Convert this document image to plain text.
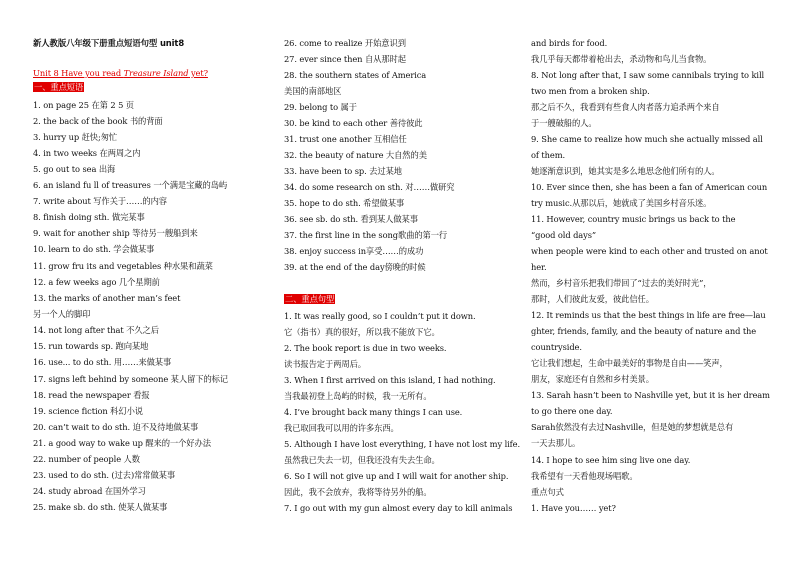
新人教版八年级下册重点短语句型 unit8
Unit 8 Have you read Treasure Island yet?
一、重点短语
1. on page 25 在第 2 5 页
2. the back of the book 书的背面
3. hurry up 赶快;匆忙
4. in two weeks 在两周之内
5. go out to sea 出海
6. an island fu ll of treasures 一个满是宝藏的岛屿
7. write about 写作关于……的内容
8. finish doing sth. 做完某事
9. wait for another ship 等待另一艘船到来
10. learn to do sth. 学会做某事
11. grow fru its and vegetables 种水果和蔬菜
12. a few weeks ago 几个星期前
13. the marks of another man’s feet
另一个人的脚印
14. not long after that 不久之后
15. run towards sp. 跑向某地
16. use... to do sth. 用……来做某事
17. signs left behind by someone 某人留下的标记
18. read the newspaper 看报
19. science fiction 科幻小说
20. can’t wait to do sth. 迫不及待地做某事
21. a good way to wake up 醒来的一个好办法
22. number of people 人数
23. used to do sth. (过去)常常做某事
24. study abroad 在国外学习
25. make sb. do sth. 使某人做某事
26. come to realize 开始意识到
27. ever since then 自从那时起
28. the southern states of America
美国的南部地区
29. belong to 属于
30. be kind to each other 善待彼此
31. trust one another 互相信任
32. the beauty of nature 大自然的美
33. have been to sp. 去过某地
34. do some research on sth. 对……做研究
35. hope to do sth. 希望做某事
36. see sb. do sth. 看到某人做某事
37. the first line in the song歌曲的第一行
38. enjoy success in享受……的成功
39. at the end of the day傍晚的时候
二、重点句型
1. It was really good, so I couldn’t put it down.
它（指书）真的很好，所以我不能放下它。
2. The book report is due in two weeks.
读书报告定于两周后。
3. When I first arrived on this island, I had nothing.
当我最初登上岛屿的时候，我一无所有。
4. I’ve brought back many things I can use.
我已取回我可以用的许多东西。
5. Although I have lost everything, I have not lost my life.
虽然我已失去一切，但我还没有失去生命。
6. So I will not give up and I will wait for another ship.
因此，我不会放弃，我将等待另外的船。
7. I go out with my gun almost every day to kill animals
and birds for food.
我几乎每天都带着枪出去，杀动物和鸟儿当食物。
8. Not long after that, I saw some cannibals trying to kill
two men from a broken ship.
那之后不久，我看到有些食人肉者落力追杀两个来自
于一艘破船的人。
9. She came to realize how much she actually missed all
of them.
她逐渐意识到，她其实是多么地思念他们所有的人。
10. Ever since then, she has been a fan of American coun
try music.从那以后，她就成了美国乡村音乐迷。
11. However, country music brings us back to the
“good old days”
when people were kind to each other and trusted on anot
her.
然而，乡村音乐把我们带回了“过去的美好时光”，
那时，人们彼此友爱，彼此信任。
12. It reminds us that the best things in life are free—lau
ghter, friends, family, and the beauty of nature and the
countryside.
它让我们想起，生命中最美好的事物是自由——笑声，
朋友，家庭还有自然和乡村美景。
13. Sarah hasn’t been to Nashville yet, but it is her dream
to go there one day.
Sarah依然没有去过Nashville，但是她的梦想就是总有
一天去那儿。
14. I hope to see him sing live one day.
我希望有一天看他现场唱歌。
重点句式
1. Have you…… yet?
